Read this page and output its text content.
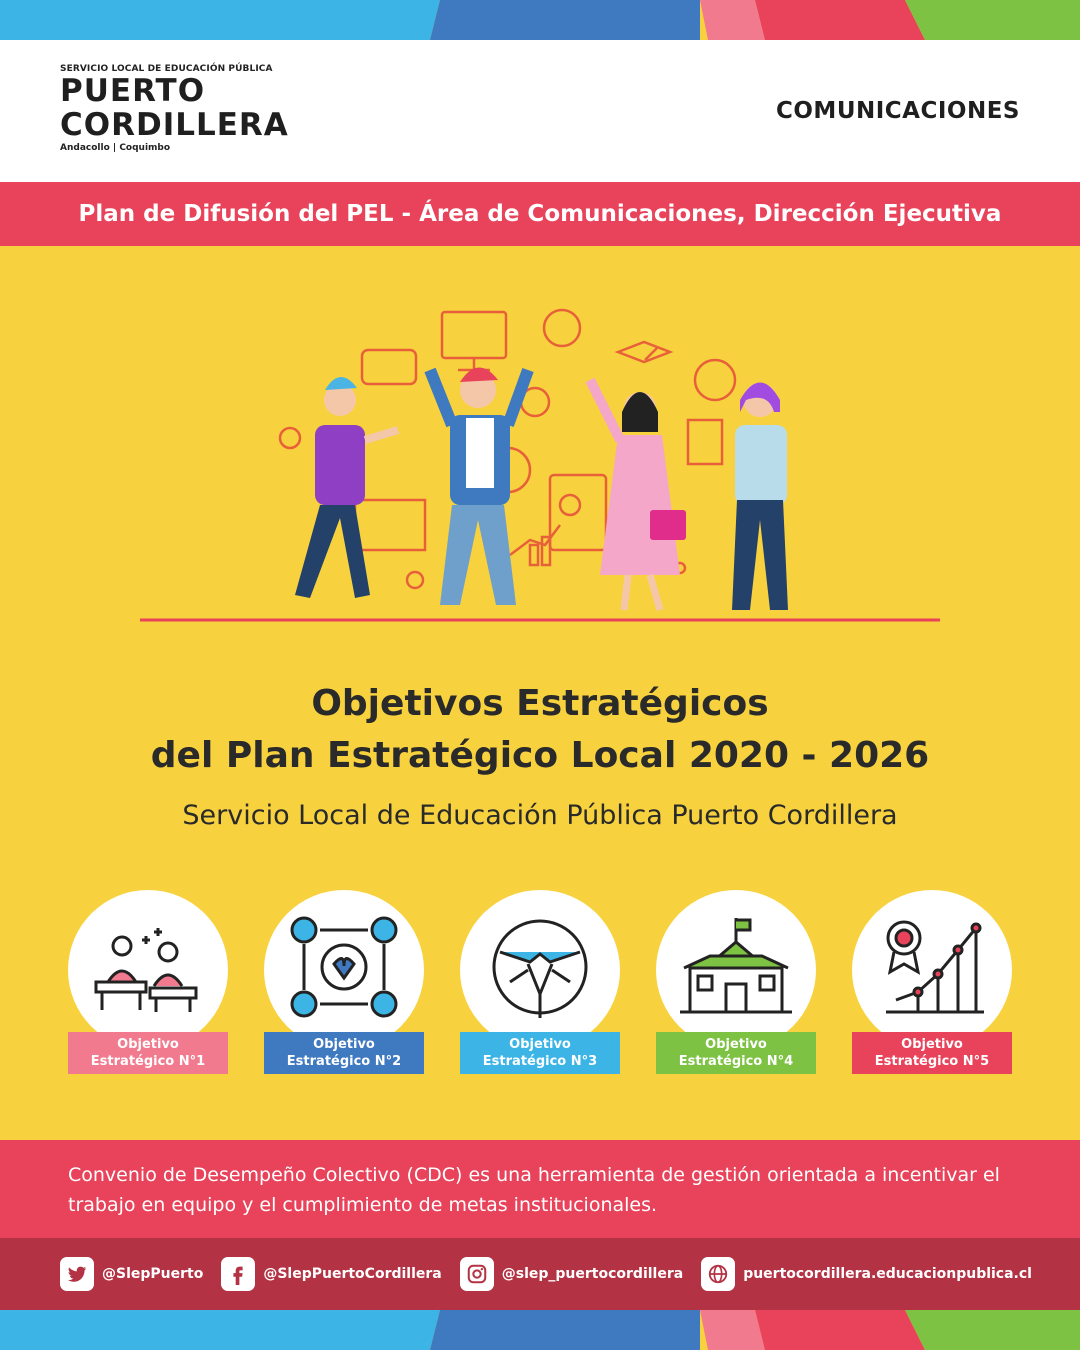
SERVICIO LOCAL DE EDUCACIÓN PÚBLICA
PUERTO
CORDILLERA
Andacollo | Coquimbo
COMUNICACIONES
Plan de Difusión del PEL - Área de Comunicaciones, Dirección Ejecutiva
Objetivos Estratégicos
del Plan Estratégico Local 2020 - 2026
Servicio Local de Educación Pública Puerto Cordillera
Objetivo
Estratégico N°1
Objetivo
Estratégico N°2
Objetivo
Estratégico N°3
Objetivo
Estratégico N°4
Objetivo
Estratégico N°5
Convenio de Desempeño Colectivo (CDC) es una herramienta de gestión orientada a incentivar el trabajo en equipo y el cumplimiento de metas institucionales.
@SlepPuerto	@SlepPuertoCordillera	@slep_puertocordillera	puertocordillera.educacionpublica.cl
